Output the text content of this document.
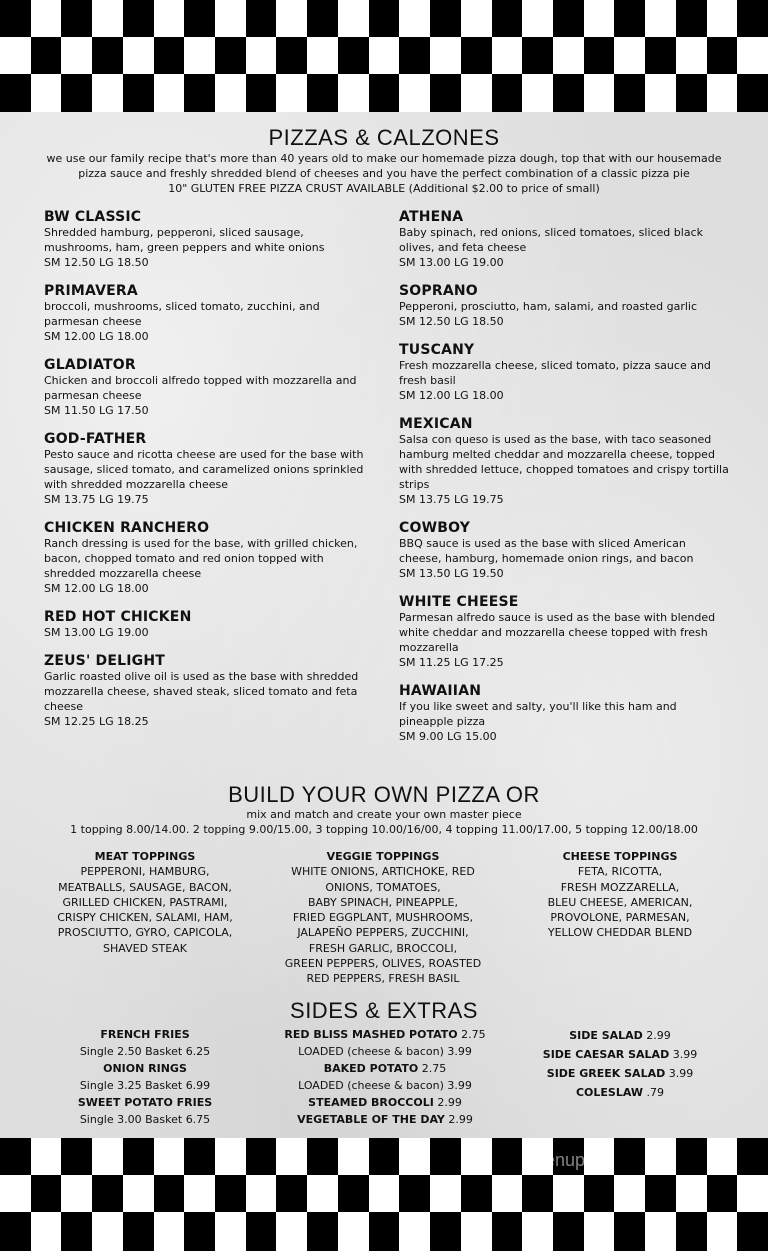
PIZZAS & CALZONES
we use our family recipe that's more than 40 years old to make our homemade pizza dough, top that with our housemade
pizza sauce and freshly shredded blend of cheeses and you have the perfect combination of a classic pizza pie
10" GLUTEN FREE PIZZA CRUST AVAILABLE (Additional $2.00 to price of small)
BW CLASSIC
Shredded hamburg, pepperoni, sliced sausage, mushrooms, ham, green peppers and white onions
SM 12.50 LG 18.50
PRIMAVERA
broccoli, mushrooms, sliced tomato, zucchini, and parmesan cheese
SM 12.00 LG 18.00
GLADIATOR
Chicken and broccoli alfredo topped with mozzarella and parmesan cheese
SM 11.50 LG 17.50
GOD-FATHER
Pesto sauce and ricotta cheese are used for the base with sausage, sliced tomato, and caramelized onions sprinkled with shredded mozzarella cheese
SM 13.75 LG 19.75
CHICKEN RANCHERO
Ranch dressing is used for the base, with grilled chicken, bacon, chopped tomato and red onion topped with shredded mozzarella cheese
SM 12.00 LG 18.00
RED HOT CHICKEN
SM 13.00 LG 19.00
ZEUS' DELIGHT
Garlic roasted olive oil is used as the base with shredded mozzarella cheese, shaved steak, sliced tomato and feta cheese
SM 12.25 LG 18.25
ATHENA
Baby spinach, red onions, sliced tomatoes, sliced black olives, and feta cheese
SM 13.00 LG 19.00
SOPRANO
Pepperoni, prosciutto, ham, salami, and roasted garlic
SM 12.50 LG 18.50
TUSCANY
Fresh mozzarella cheese, sliced tomato, pizza sauce and fresh basil
SM 12.00 LG 18.00
MEXICAN
Salsa con queso is used as the base, with taco seasoned hamburg melted cheddar and mozzarella cheese, topped with shredded lettuce, chopped tomatoes and crispy tortilla strips
SM 13.75 LG 19.75
COWBOY
BBQ sauce is used as the base with sliced American cheese, hamburg, homemade onion rings, and bacon
SM 13.50 LG 19.50
WHITE CHEESE
Parmesan alfredo sauce is used as the base with blended white cheddar and mozzarella cheese topped with fresh mozzarella
SM 11.25 LG 17.25
HAWAIIAN
If you like sweet and salty, you'll like this ham and pineapple pizza
SM 9.00 LG 15.00
BUILD YOUR OWN PIZZA OR
mix and match and create your own master piece
1 topping 8.00/14.00. 2 topping 9.00/15.00, 3 topping 10.00/16/00, 4 topping 11.00/17.00, 5 topping 12.00/18.00
MEAT TOPPINGS
PEPPERONI, HAMBURG,
MEATBALLS, SAUSAGE, BACON,
GRILLED CHICKEN, PASTRAMI,
CRISPY CHICKEN, SALAMI, HAM,
PROSCIUTTO, GYRO, CAPICOLA,
SHAVED STEAK
VEGGIE TOPPINGS
WHITE ONIONS, ARTICHOKE, RED
ONIONS, TOMATOES,
BABY SPINACH, PINEAPPLE,
FRIED EGGPLANT, MUSHROOMS,
JALAPEÑO PEPPERS, ZUCCHINI,
FRESH GARLIC, BROCCOLI,
GREEN PEPPERS, OLIVES, ROASTED
RED PEPPERS, FRESH BASIL
CHEESE TOPPINGS
FETA, RICOTTA,
FRESH MOZZARELLA,
BLEU CHEESE, AMERICAN,
PROVOLONE, PARMESAN,
YELLOW CHEDDAR BLEND
SIDES & EXTRAS
FRENCH FRIES
Single 2.50 Basket 6.25
ONION RINGS
Single 3.25 Basket 6.99
SWEET POTATO FRIES
Single 3.00 Basket 6.75
RED BLISS MASHED POTATO 2.75
LOADED (cheese & bacon) 3.99
BAKED POTATO 2.75
LOADED (cheese & bacon) 3.99
STEAMED BROCCOLI 2.99
VEGETABLE OF THE DAY 2.99
SIDE SALAD 2.99
SIDE CAESAR SALAD 3.99
SIDE GREEK SALAD 3.99
COLESLAW .79
menupix
